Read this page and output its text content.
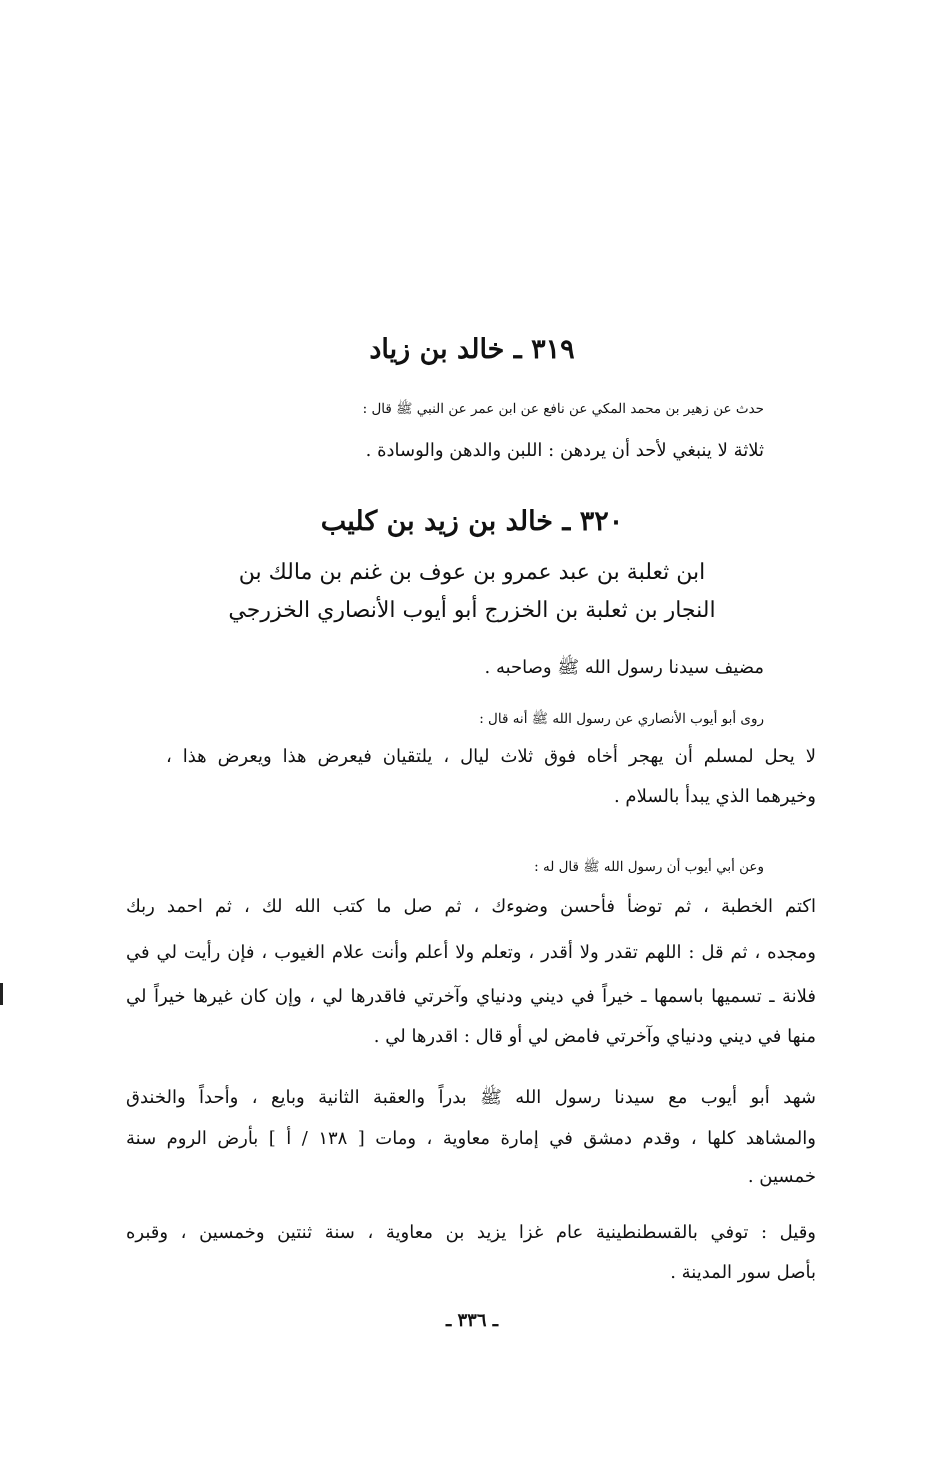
٣١٩ ـ خالد بن زياد
حدث عن زهير بن محمد المكي عن نافع عن ابن عمر عن النبي ﷺ قال :
ثلاثة لا ينبغي لأحد أن يردهن : اللبن والدهن والوسادة .
٣٢٠ ـ خالد بن زيد بن كليب
ابن ثعلبة بن عبد عمرو بن عوف بن غنم بن مالك بن
النجار بن ثعلبة بن الخزرج أبو أيوب الأنصاري الخزرجي
مضيف سيدنا رسول الله ﷺ وصاحبه .
روى أبو أيوب الأنصاري عن رسول الله ﷺ أنه قال :
لا يحل لمسلم أن يهجر أخاه فوق ثلاث ليال ، يلتقيان فيعرض هذا ويعرض هذا ،
وخيرهما الذي يبدأ بالسلام .
وعن أبي أيوب أن رسول الله ﷺ قال له :
اكتم الخطبة ، ثم توضأ فأحسن وضوءك ، ثم صل ما كتب الله لك ، ثم احمد ربك
ومجده ، ثم قل : اللهم تقدر ولا أقدر ، وتعلم ولا أعلم وأنت علام الغيوب ، فإن رأيت لي في
فلانة ـ تسميها باسمها ـ خيراً في ديني ودنياي وآخرتي فاقدرها لي ، وإن كان غيرها خيراً لي
منها في ديني ودنياي وآخرتي فامض لي أو قال : اقدرها لي .
شهد أبو أيوب مع سيدنا رسول الله ﷺ بدراً والعقبة الثانية وبايع ، وأحداً والخندق
والمشاهد كلها ، وقدم دمشق في إمارة معاوية ، ومات [ ١٣٨ / أ ] بأرض الروم سنة
خمسين .
وقيل : توفي بالقسطنطينية عام غزا يزيد بن معاوية ، سنة ثنتين وخمسين ، وقبره
بأصل سور المدينة .
ـ ٣٣٦ ـ
